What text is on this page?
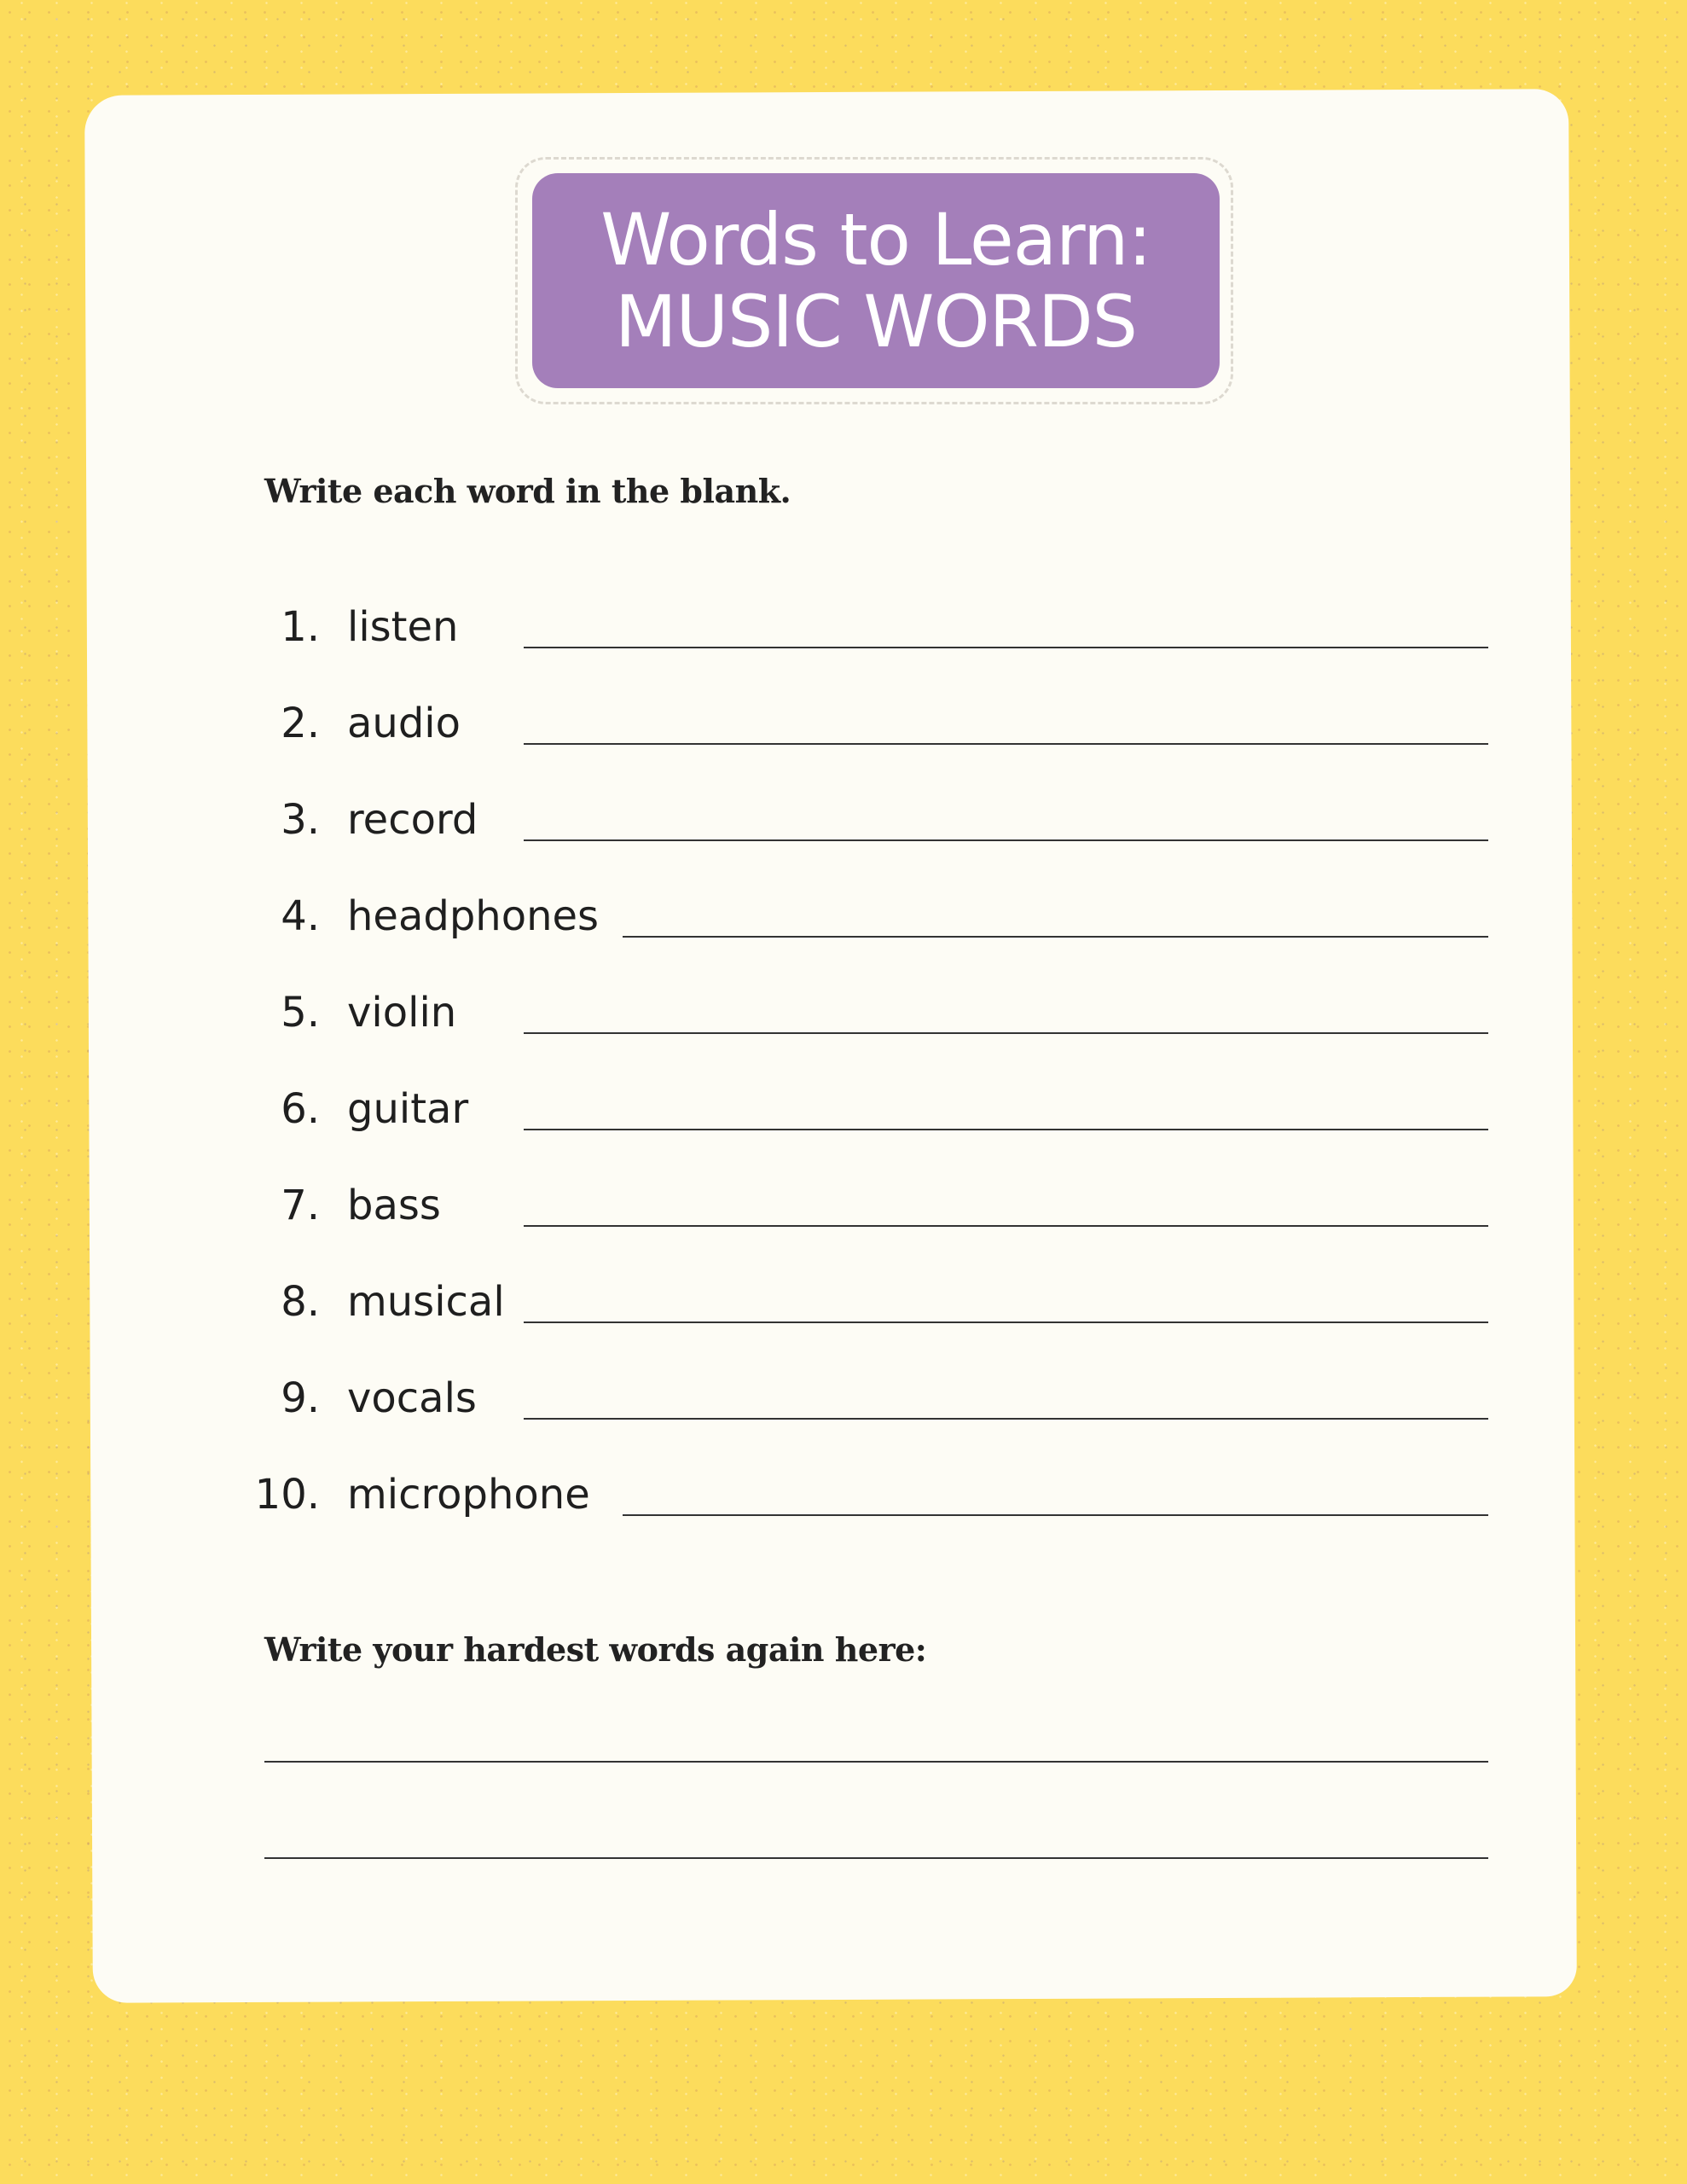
Words to Learn:
MUSIC WORDS
Write each word in the blank.
1. listen
2. audio
3. record
4. headphones
5. violin
6. guitar
7. bass
8. musical
9. vocals
10. microphone
Write your hardest words again here:
